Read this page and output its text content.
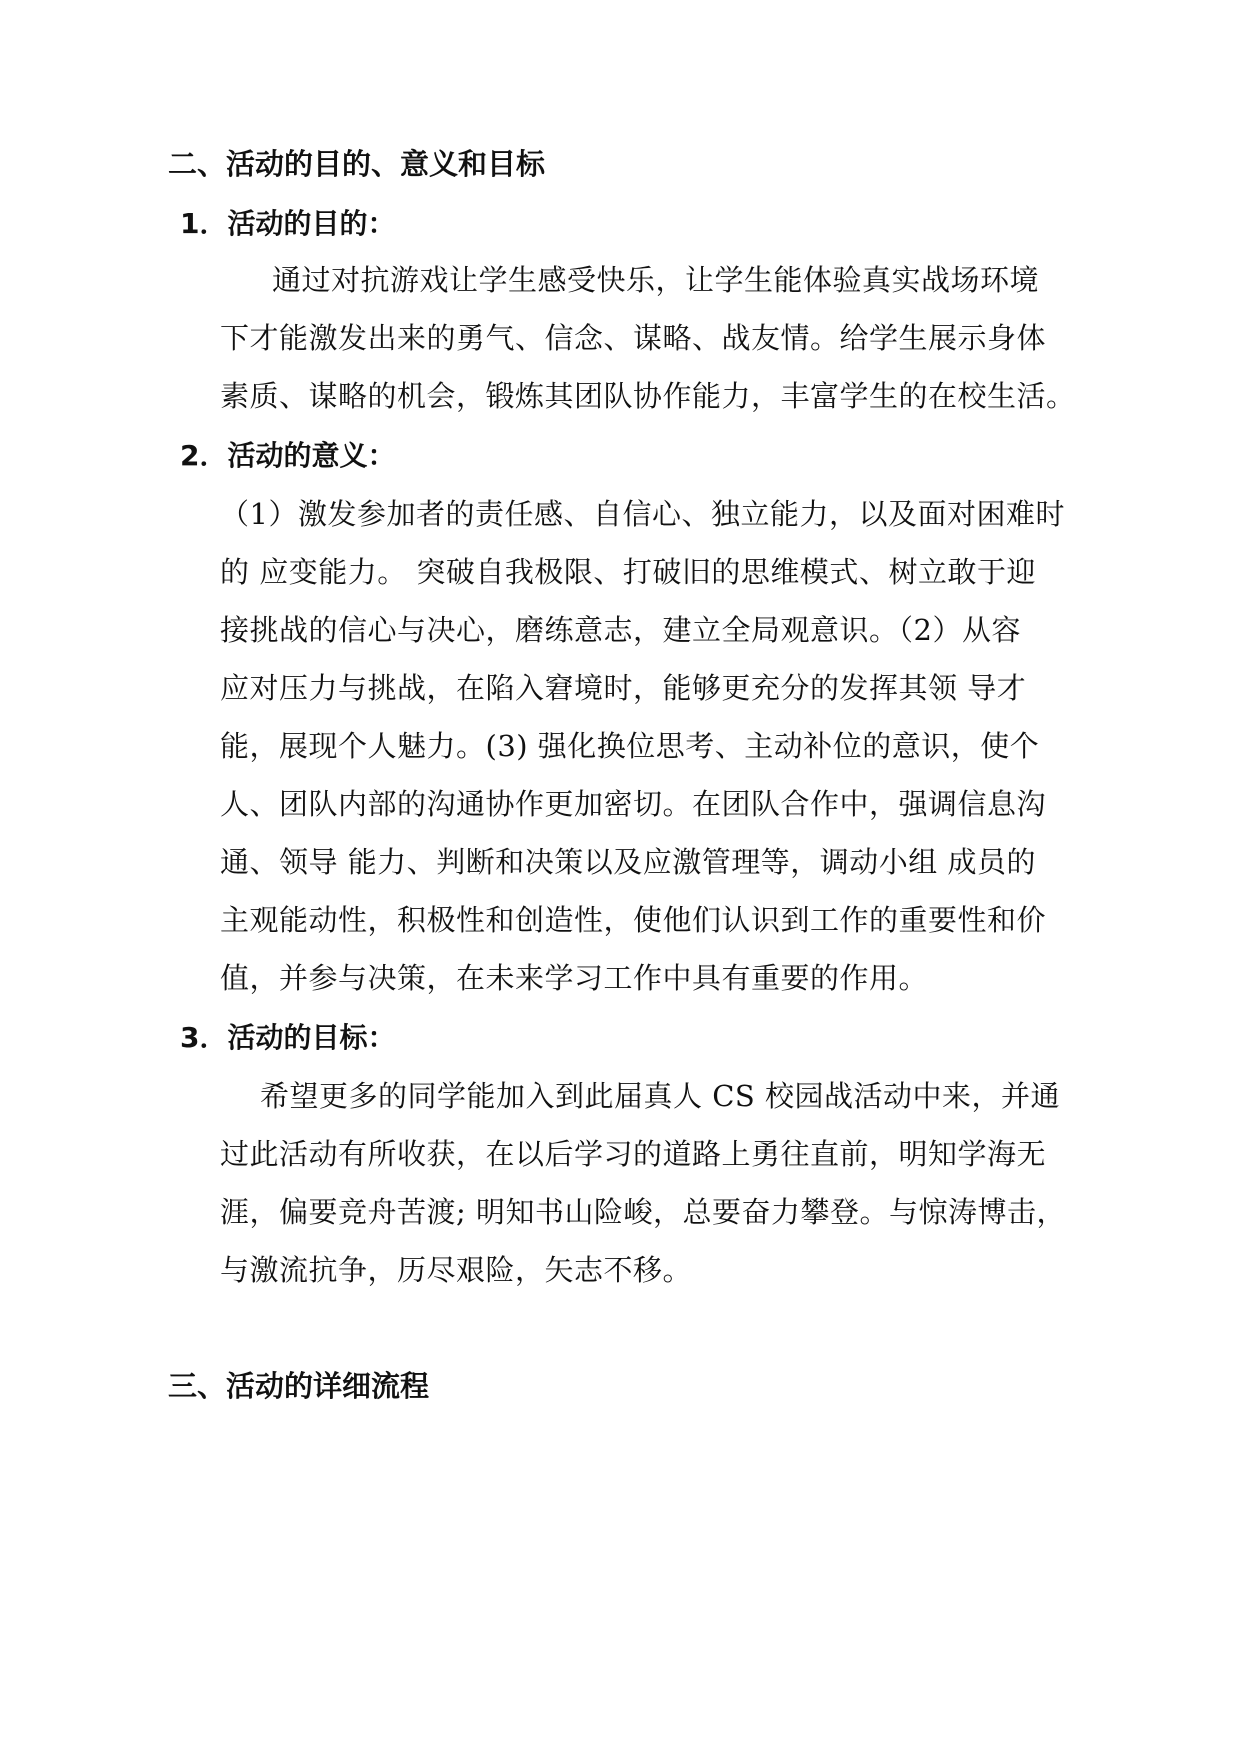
二、活动的目的、意义和目标
1．活动的目的：
通过对抗游戏让学生感受快乐，让学生能体验真实战场环境
下才能激发出来的勇气、信念、谋略、战友情。给学生展示身体
素质、谋略的机会，锻炼其团队协作能力，丰富学生的在校生活。
2．活动的意义：
（1）激发参加者的责任感、自信心、独立能力，以及面对困难时
的 应变能力。 突破自我极限、打破旧的思维模式、树立敢于迎
接挑战的信心与决心，磨练意志，建立全局观意识。（2）从容
应对压力与挑战，在陷入窘境时，能够更充分的发挥其领 导才
能，展现个人魅力。(3) 强化换位思考、主动补位的意识，使个
人、团队内部的沟通协作更加密切。在团队合作中，强调信息沟
通、领导 能力、判断和决策以及应激管理等，调动小组 成员的
主观能动性，积极性和创造性，使他们认识到工作的重要性和价
值，并参与决策，在未来学习工作中具有重要的作用。
3．活动的目标：
希望更多的同学能加入到此届真人 CS 校园战活动中来，并通
过此活动有所收获，在以后学习的道路上勇往直前，明知学海无
涯，偏要竞舟苦渡; 明知书山险峻，总要奋力攀登。与惊涛博击，
与激流抗争，历尽艰险，矢志不移。
三、活动的详细流程
